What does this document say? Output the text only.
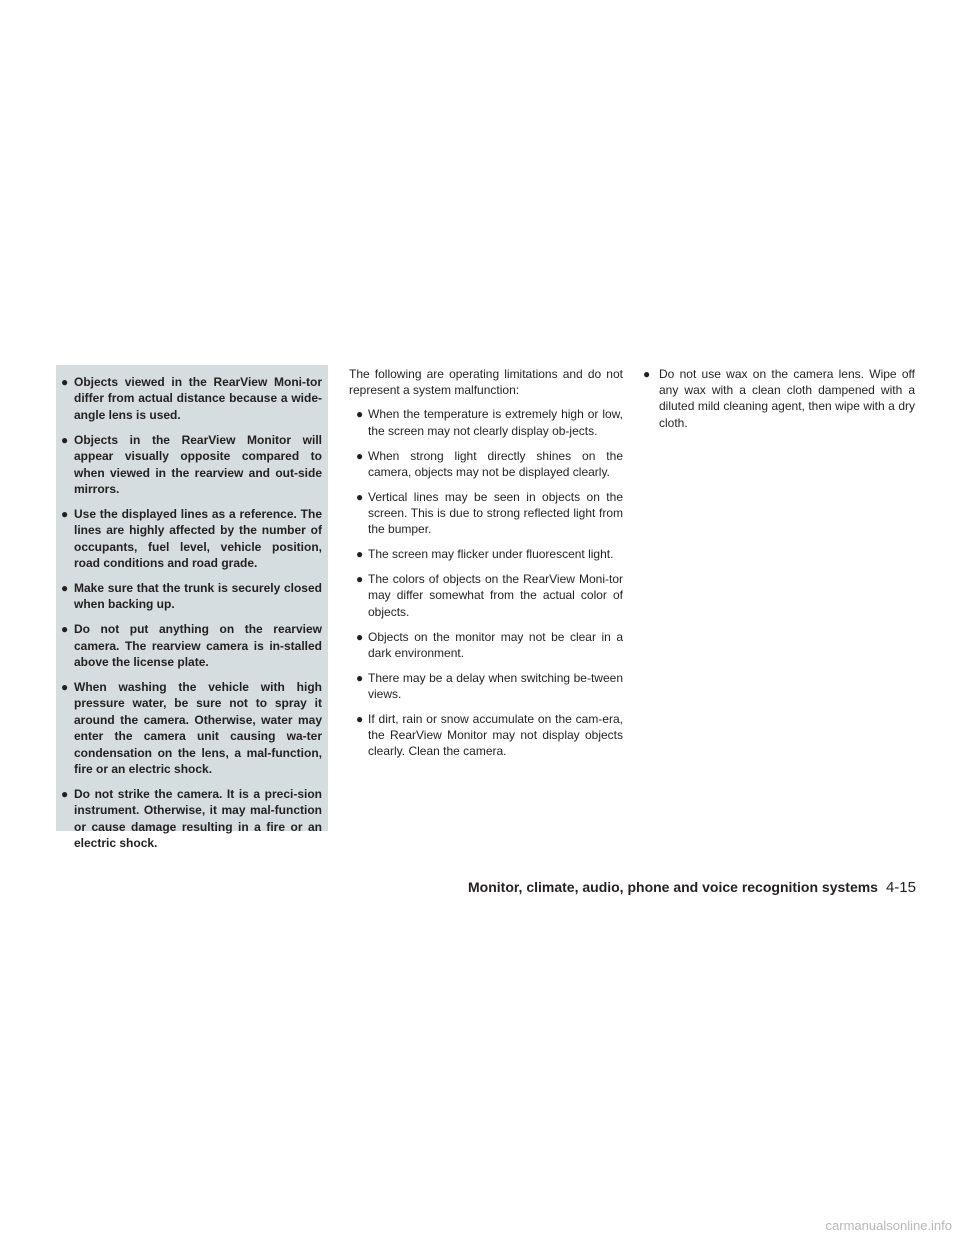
● Objects viewed in the RearView Moni-tor differ from actual distance because a wide-angle lens is used.
● Objects in the RearView Monitor will appear visually opposite compared to when viewed in the rearview and out-side mirrors.
● Use the displayed lines as a reference. The lines are highly affected by the number of occupants, fuel level, vehicle position, road conditions and road grade.
● Make sure that the trunk is securely closed when backing up.
● Do not put anything on the rearview camera. The rearview camera is in-stalled above the license plate.
● When washing the vehicle with high pressure water, be sure not to spray it around the camera. Otherwise, water may enter the camera unit causing wa-ter condensation on the lens, a mal-function, fire or an electric shock.
● Do not strike the camera. It is a preci-sion instrument. Otherwise, it may mal-function or cause damage resulting in a fire or an electric shock.

The following are operating limitations and do not represent a system malfunction:

● When the temperature is extremely high or low, the screen may not clearly display ob-jects.
● When strong light directly shines on the camera, objects may not be displayed clearly.
● Vertical lines may be seen in objects on the screen. This is due to strong reflected light from the bumper.
● The screen may flicker under fluorescent light.
● The colors of objects on the RearView Moni-tor may differ somewhat from the actual color of objects.
● Objects on the monitor may not be clear in a dark environment.
● There may be a delay when switching be-tween views.
● If dirt, rain or snow accumulate on the cam-era, the RearView Monitor may not display objects clearly. Clean the camera.
● Do not use wax on the camera lens. Wipe off any wax with a clean cloth dampened with a diluted mild cleaning agent, then wipe with a dry cloth.
Monitor, climate, audio, phone and voice recognition systems 4-15
carmanualsonline.info
